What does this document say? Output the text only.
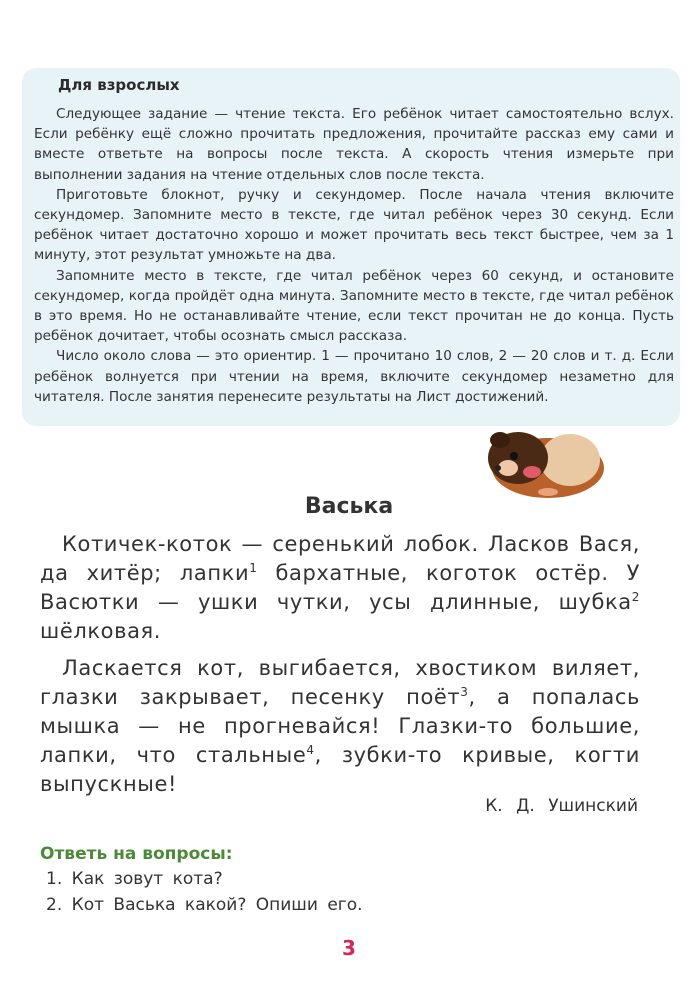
Для взрослых

Следующее задание — чтение текста. Его ребёнок читает самостоятельно вслух. Если ребёнку ещё сложно прочитать предложения, прочитайте рассказ ему сами и вместе ответьте на вопросы после текста. А скорость чтения измерьте при выполнении задания на чтение отдельных слов после текста.

Приготовьте блокнот, ручку и секундомер. После начала чтения включите секундомер. Запомните место в тексте, где читал ребёнок через 30 секунд. Если ребёнок читает достаточно хорошо и может прочитать весь текст быстрее, чем за 1 минуту, этот результат умножьте на два.

Запомните место в тексте, где читал ребёнок через 60 секунд, и остановите секундомер, когда пройдёт одна минута. Запомните место в тексте, где читал ребёнок в это время. Но не останавливайте чтение, если текст прочитан не до конца. Пусть ребёнок дочитает, чтобы осознать смысл рассказа.

Число около слова — это ориентир. 1 — прочитано 10 слов, 2 — 20 слов и т. д. Если ребёнок волнуется при чтении на время, включите секундомер незаметно для читателя. После занятия перенесите результаты на Лист достижений.

Васька

Котичек-коток — серенький лобок. Ласков Вася, да хитёр; лапки$^1$ бархатные, коготок остёр. У Васютки — ушки чутки, усы длинные, шубка$^2$ шёлковая.

Ласкается кот, выгибается, хвостиком виляет, глазки закрывает, песенку поёт$^3$, а попалась мышка — не прогневайся! Глазки-то большие, лапки, что стальные$^4$, зубки-то кривые, когти выпускные!

К. Д. Ушинский
Ответь на вопросы:
1. Как зовут кота?
2. Кот Васька какой? Опиши его.
3
